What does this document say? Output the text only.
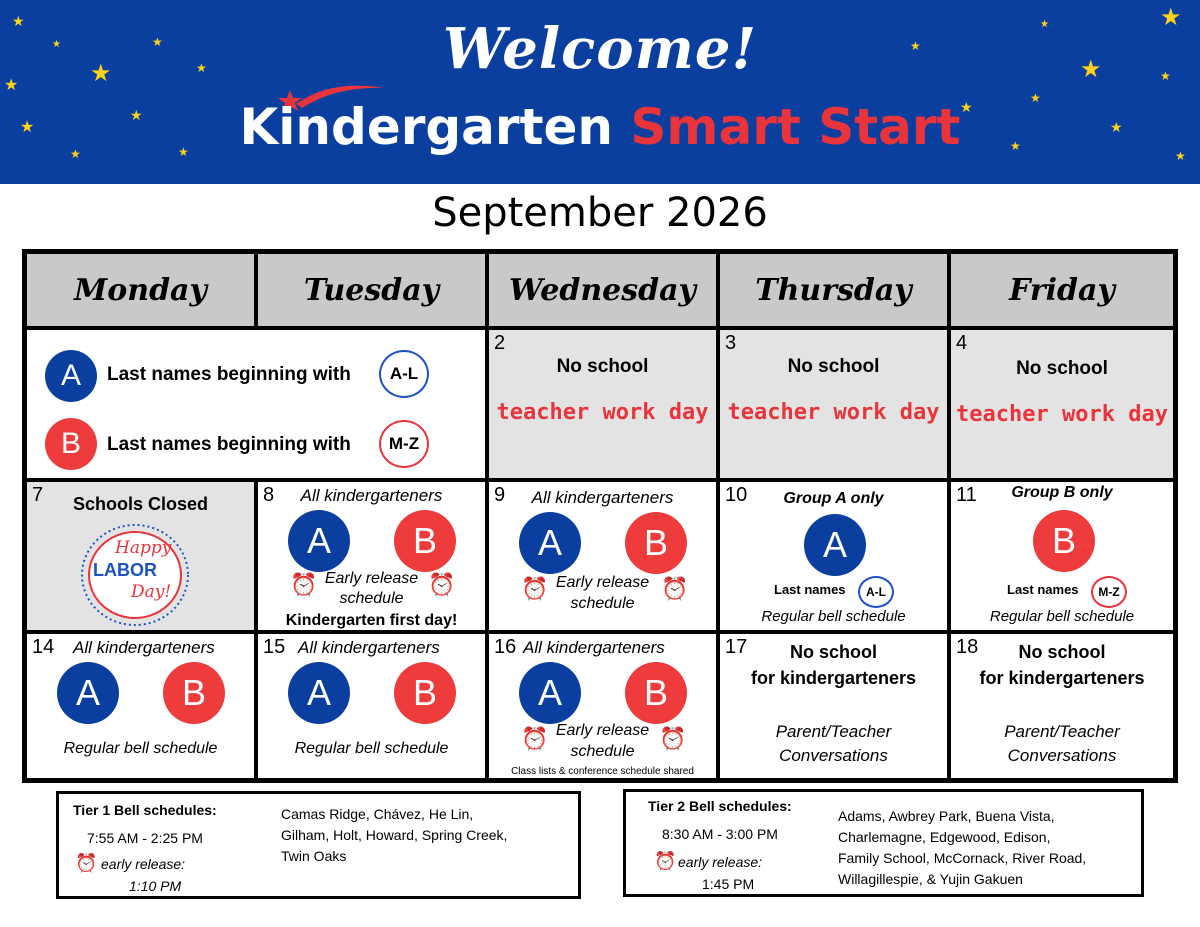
★
★
★
★
★
★
★
★
★
★
★
★
★
★
★
★
★
★
★
★
Welcome!
Kindergarten Smart Start
September 2026
Monday	Tuesday Wednesday Thursday	Friday
A Last names beginning with A-L
B Last names beginning with M-Z
2
No school
teacher work day
3
No school
teacher work day
4
No school
teacher work day
7	Schools Closed
Happy
LABOR
Day!
8	All kindergarteners
A B
⏰	⏰
Early release
schedule
Kindergarten first day!
9	All kindergarteners
A B
⏰	⏰
Early release
schedule
10	Group A only
A
Last names A-L
Regular bell schedule
11	Group B only
B
Last names M-Z
Regular bell schedule
14 All kindergarteners
A B
Regular bell schedule
15 All kindergarteners
A B
Regular bell schedule
16 All kindergarteners
A B
⏰	⏰
Early release
schedule
Class lists & conference schedule shared
17	No school
for kindergarteners
Parent/Teacher
Conversations
18	No school
for kindergarteners
Parent/Teacher
Conversations
Tier 1 Bell schedules:
7:55 AM - 2:25 PM
⏰ early release:
1:10 PM
Camas Ridge, Chávez, He Lin,
Gilham, Holt, Howard, Spring Creek,
Twin Oaks
Tier 2 Bell schedules:
8:30 AM - 3:00 PM
⏰ early release:
1:45 PM
Adams, Awbrey Park, Buena Vista,
Charlemagne, Edgewood, Edison,
Family School, McCornack, River Road,
Willagillespie, & Yujin Gakuen
